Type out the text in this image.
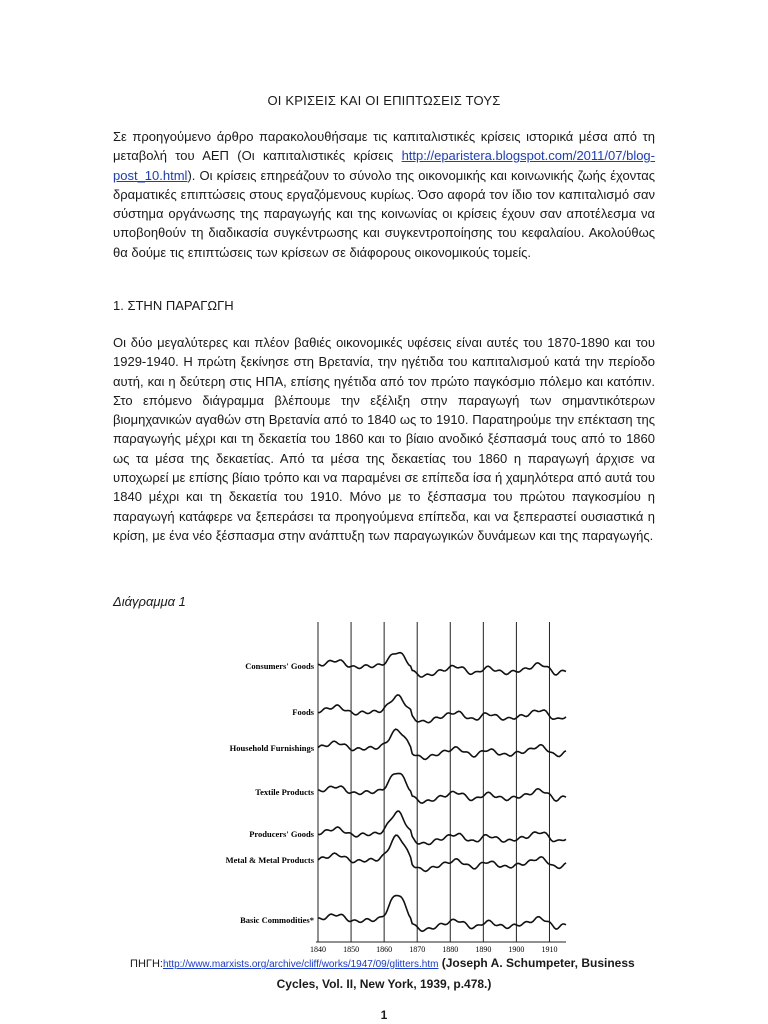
ΟΙ ΚΡΙΣΕΙΣ ΚΑΙ ΟΙ ΕΠΙΠΤΩΣΕΙΣ ΤΟΥΣ
Σε προηγούμενο άρθρο παρακολουθήσαμε τις καπιταλιστικές κρίσεις ιστορικά μέσα από τη μεταβολή του ΑΕΠ (Οι καπιταλιστικές κρίσεις http://eparistera.blogspot.com/2011/07/blog-post_10.html). Οι κρίσεις επηρεάζουν το σύνολο της οικονομικής και κοινωνικής ζωής έχοντας δραματικές επιπτώσεις στους εργαζόμενους κυρίως. Όσο αφορά τον ίδιο τον καπιταλισμό σαν σύστημα οργάνωσης της παραγωγής και της κοινωνίας οι κρίσεις έχουν σαν αποτέλεσμα να υποβοηθούν τη διαδικασία συγκέντρωσης και συγκεντροποίησης του κεφαλαίου. Ακολούθως θα δούμε τις επιπτώσεις των κρίσεων σε διάφορους οικονομικούς τομείς.
1. ΣΤΗΝ ΠΑΡΑΓΩΓΗ
Οι δύο μεγαλύτερες και πλέον βαθιές οικονομικές υφέσεις είναι αυτές του 1870-1890 και του 1929-1940. Η πρώτη ξεκίνησε στη Βρετανία, την ηγέτιδα του καπιταλισμού κατά την περίοδο αυτή, και η δεύτερη στις ΗΠΑ, επίσης ηγέτιδα από τον πρώτο παγκόσμιο πόλεμο και κατόπιν. Στο επόμενο διάγραμμα βλέπουμε την εξέλιξη στην παραγωγή των σημαντικότερων βιομηχανικών αγαθών στη Βρετανία από το 1840 ως το 1910. Παρατηρούμε την επέκταση της παραγωγής μέχρι και τη δεκαετία του 1860 και το βίαιο ανοδικό ξέσπασμά τους από το 1860 ως τα μέσα της δεκαετίας. Από τα μέσα της δεκαετίας του 1860 η παραγωγή άρχισε να υποχωρεί με επίσης βίαιο τρόπο και να παραμένει σε επίπεδα ίσα ή χαμηλότερα από αυτά του 1840 μέχρι και τη δεκαετία του 1910. Μόνο με το ξέσπασμα του πρώτου παγκοσμίου η παραγωγή κατάφερε να ξεπεράσει τα προηγούμενα επίπεδα, και να ξεπεραστεί ουσιαστικά η κρίση, με ένα νέο ξέσπασμα στην ανάπτυξη των παραγωγικών δυνάμεων και της παραγωγής.
Διάγραμμα 1
Consumers' Goods
Foods
Household Furnishings
Textile Products
Producers' Goods
Metal & Metal Products
Basic Commodities*
1840 1850 1860 1870 1880 1890 1900 1910
ΠΗΓΗ:http://www.marxists.org/archive/cliff/works/1947/09/glitters.htm (Joseph A. Schumpeter, Business
Cycles, Vol. II, New York, 1939, p.478.)
1
